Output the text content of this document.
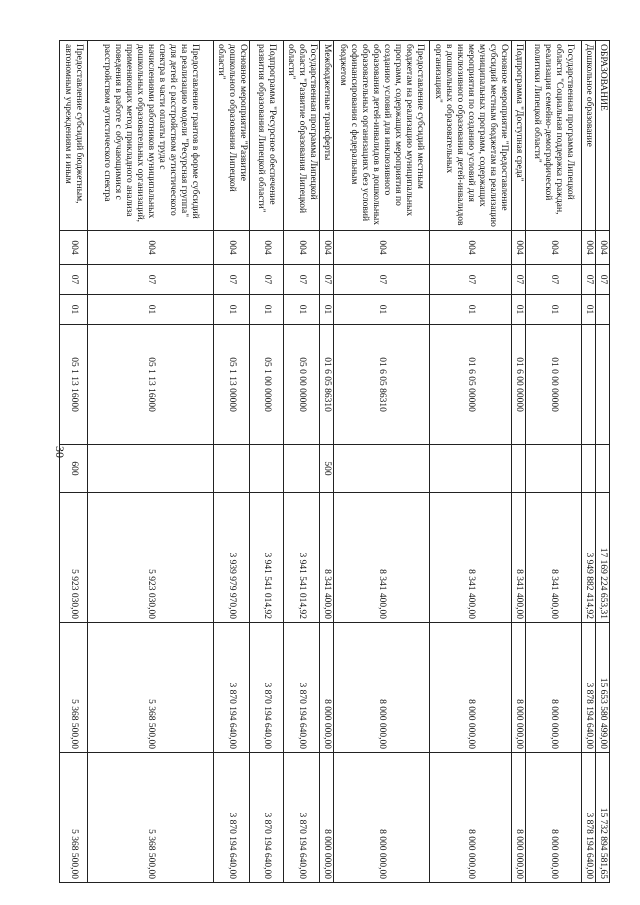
30
ОБРАЗОВАНИЕ	004	07				17 169 224 653,31	15 653 580 499,00	15 732 894 581,65
Дошкольное образование	004	07	01			3 949 882 414,92	3 878 194 640,00	3 878 194 640,00
Государственная программа Липецкой области "Социальная поддержка граждан, реализация семейно-демографической политики Липецкой области"	004	07	01	01 0 00 00000		8 341 400,00	8 000 000,00	8 000 000,00
Подпрограмма "Доступная среда"	004	07	01	01 6 00 00000		8 341 400,00	8 000 000,00	8 000 000,00
Основное мероприятие "Предоставление субсидий местным бюджетам на реализацию муниципальных программ, содержащих мероприятия по созданию условий для инклюзивного образования детей-инвалидов в дошкольных образовательных организациях"	004	07	01	01 6 05 00000		8 341 400,00	8 000 000,00	8 000 000,00
Предоставление субсидий местным бюджетам на реализацию муниципальных программ, содержащих мероприятия по созданию условий для инклюзивного образования детей-инвалидов в дошкольных образовательных организациях без условий софинансирования с федеральным бюджетом	004	07	01	01 6 05 86310		8 341 400,00	8 000 000,00	8 000 000,00
Межбюджетные трансферты	004	07	01	01 6 05 86310	500	8 341 400,00	8 000 000,00	8 000 000,00
Государственная программа Липецкой области "Развитие образования Липецкой области"	004	07	01	05 0 00 00000		3 941 541 014,92	3 870 194 640,00	3 870 194 640,00
Подпрограмма "Ресурсное обеспечение развития образования Липецкой области"	004	07	01	05 1 00 00000		3 941 541 014,92	3 870 194 640,00	3 870 194 640,00
Основное мероприятие "Развитие дошкольного образования Липецкой области"	004	07	01	05 1 13 00000		3 939 979 970,00	3 870 194 640,00	3 870 194 640,00
Предоставление грантов в форме субсидий на реализацию модели "Ресурсная группа" для детей с расстройством аутистического спектра в части оплаты труда с начислениями работников муниципальных дошкольных образовательных организаций, применяющих метод прикладного анализа поведения в работе с обучающимися с расстройством аутистического спектра	004	07	01	05 1 13 16000		5 923 030,00	5 368 500,00	5 368 500,00
Предоставление субсидий бюджетным, автономным учреждениям и иным	004	07	01	05 1 13 16000	600	5 923 030,00	5 368 500,00	5 368 500,00
